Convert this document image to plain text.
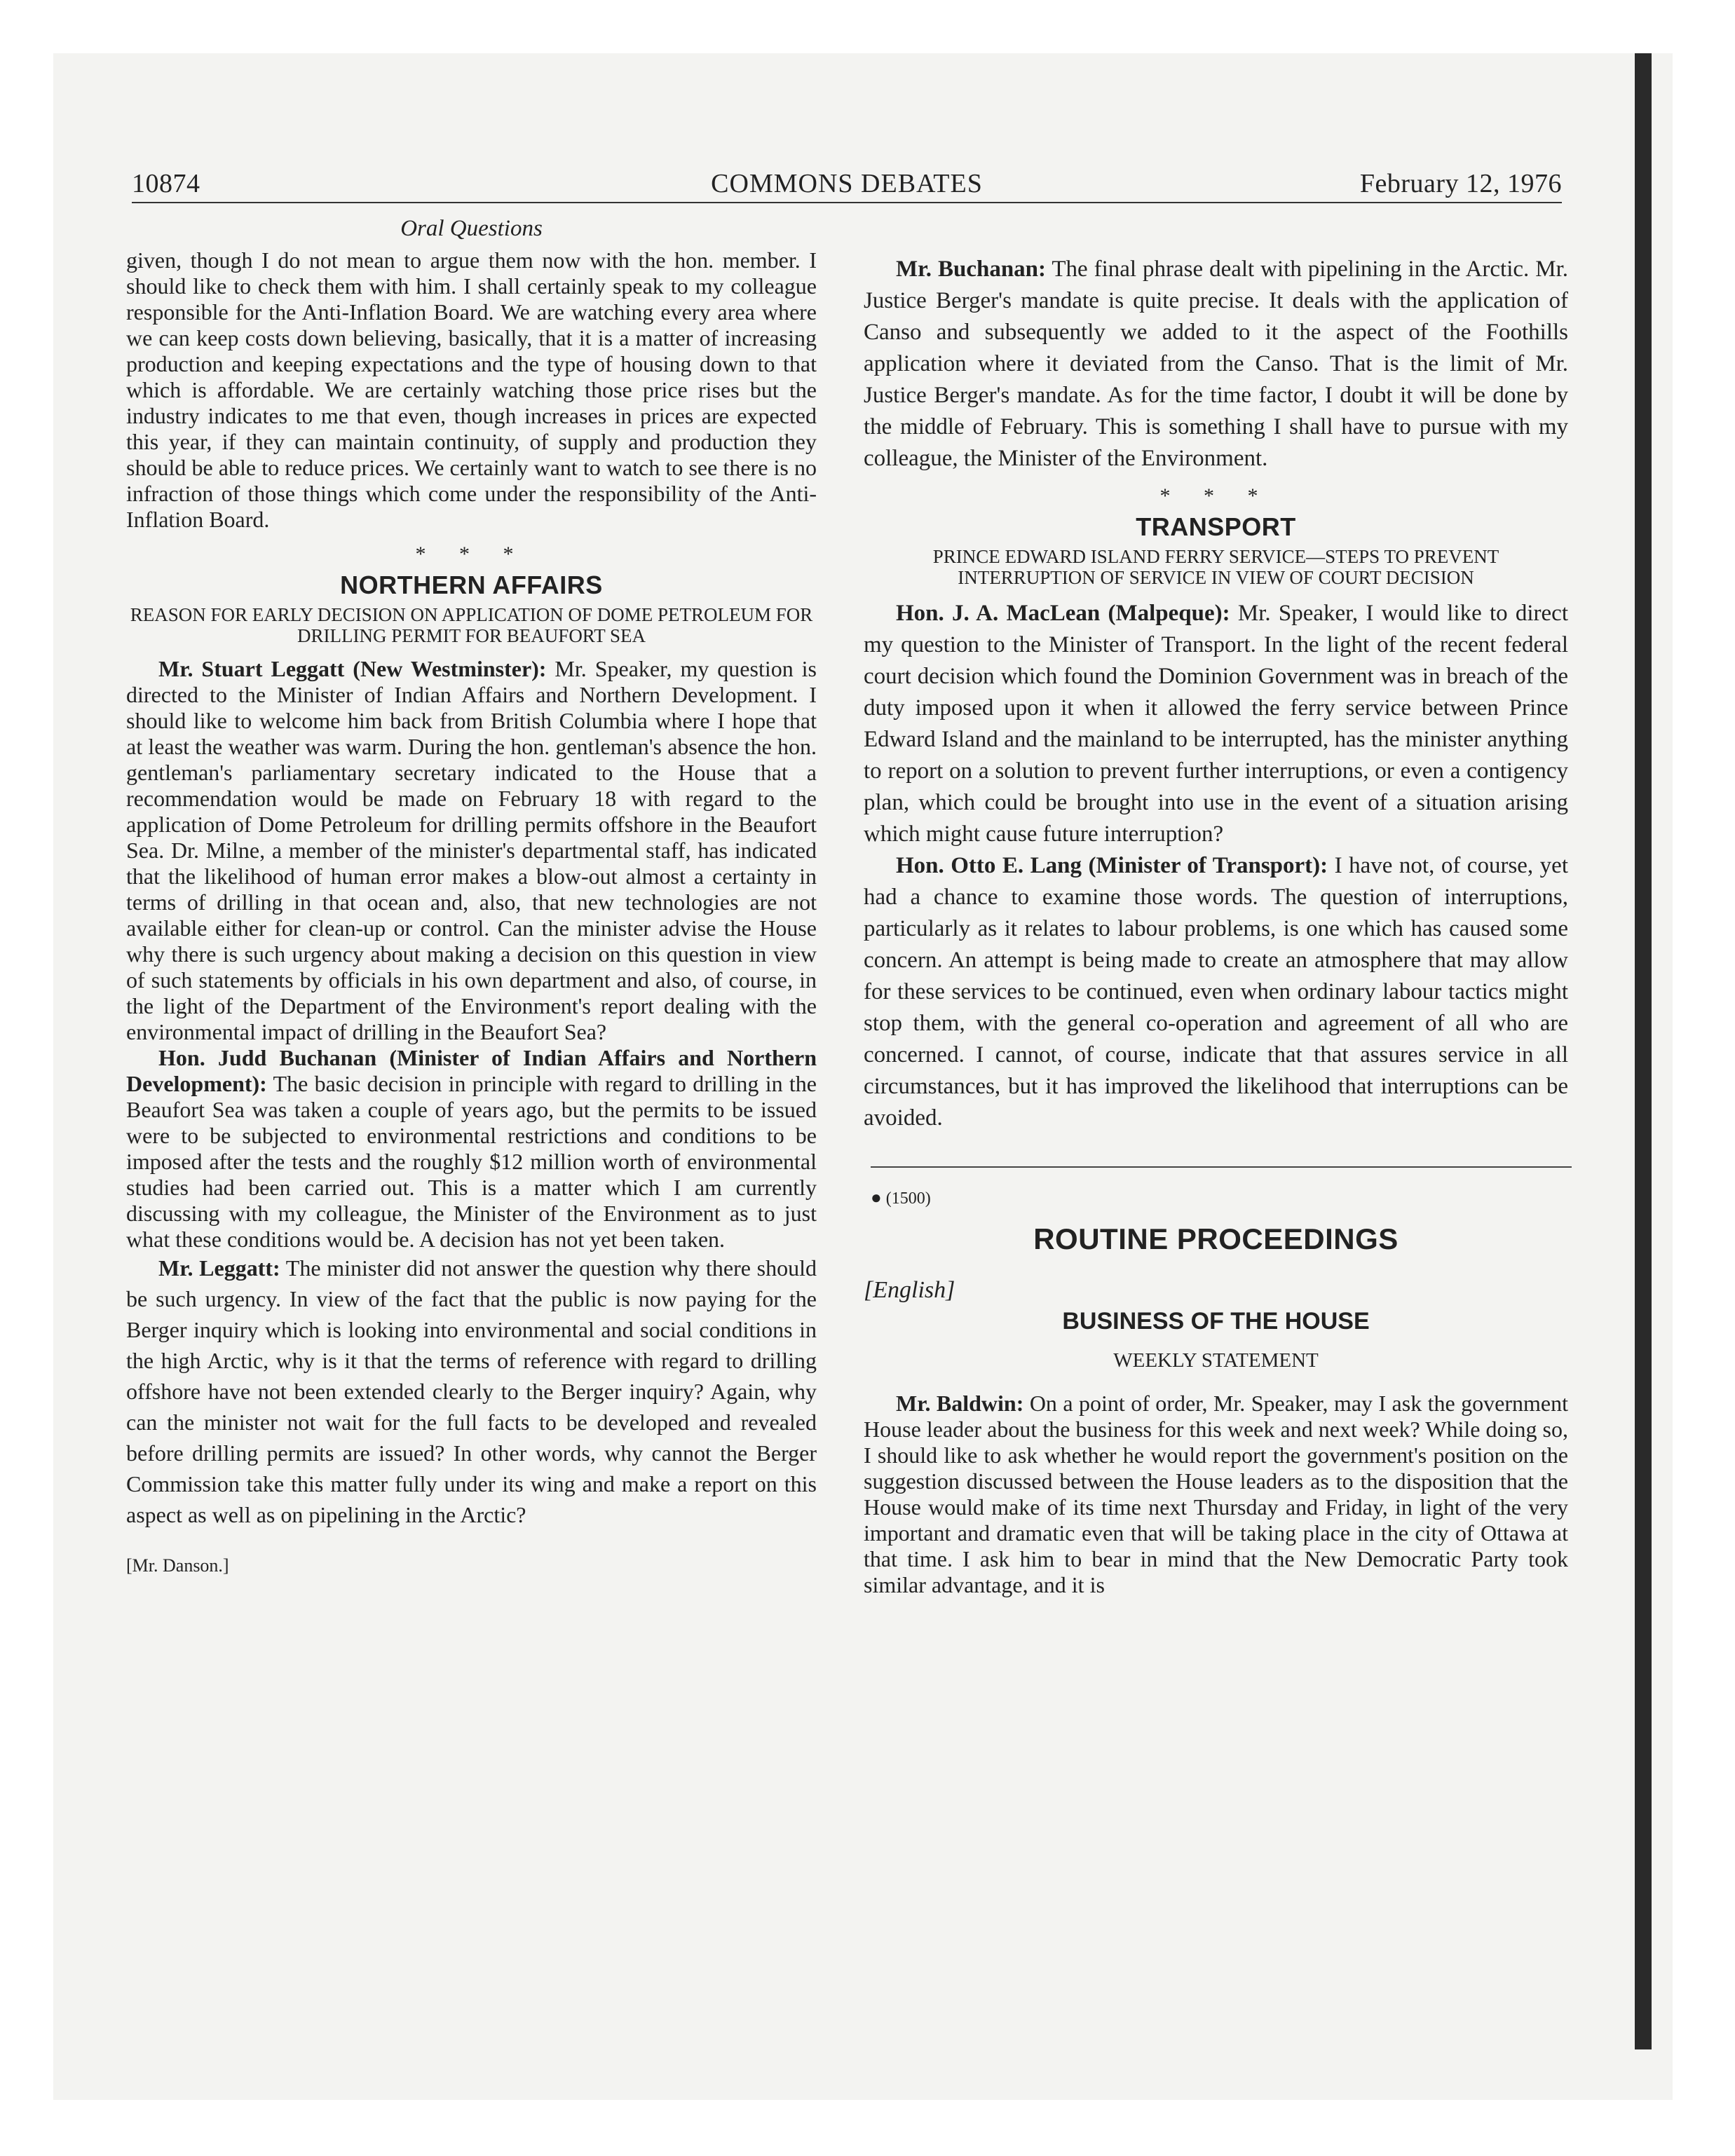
10874	COMMONS DEBATES	February 12, 1976
Oral Questions

given, though I do not mean to argue them now with the hon. member. I should like to check them with him. I shall certainly speak to my colleague responsible for the Anti-Inflation Board. We are watching every area where we can keep costs down believing, basically, that it is a matter of increasing production and keeping expectations and the type of housing down to that which is affordable. We are certainly watching those price rises but the industry indicates to me that even, though increases in prices are expected this year, if they can maintain continuity, of supply and production they should be able to reduce prices. We certainly want to watch to see there is no infraction of those things which come under the responsibility of the Anti-Inflation Board.

* * *
NORTHERN AFFAIRS
REASON FOR EARLY DECISION ON APPLICATION OF DOME PETROLEUM FOR DRILLING PERMIT FOR BEAUFORT SEA

Mr. Stuart Leggatt (New Westminster): Mr. Speaker, my question is directed to the Minister of Indian Affairs and Northern Development. I should like to welcome him back from British Columbia where I hope that at least the weather was warm. During the hon. gentleman's absence the hon. gentleman's parliamentary secretary indicated to the House that a recommendation would be made on February 18 with regard to the application of Dome Petroleum for drilling permits offshore in the Beaufort Sea. Dr. Milne, a member of the minister's departmental staff, has indicated that the likelihood of human error makes a blow-out almost a certainty in terms of drilling in that ocean and, also, that new technologies are not available either for clean-up or control. Can the minister advise the House why there is such urgency about making a decision on this question in view of such statements by officials in his own department and also, of course, in the light of the Department of the Environment's report dealing with the environmental impact of drilling in the Beaufort Sea?

Hon. Judd Buchanan (Minister of Indian Affairs and Northern Development): The basic decision in principle with regard to drilling in the Beaufort Sea was taken a couple of years ago, but the permits to be issued were to be subjected to environmental restrictions and conditions to be imposed after the tests and the roughly $12 million worth of environmental studies had been carried out. This is a matter which I am currently discussing with my colleague, the Minister of the Environment as to just what these conditions would be. A decision has not yet been taken.

Mr. Leggatt: The minister did not answer the question why there should be such urgency. In view of the fact that the public is now paying for the Berger inquiry which is looking into environmental and social conditions in the high Arctic, why is it that the terms of reference with regard to drilling offshore have not been extended clearly to the Berger inquiry? Again, why can the minister not wait for the full facts to be developed and revealed before drilling permits are issued? In other words, why cannot the Berger Commission take this matter fully under its wing and make a report on this aspect as well as on pipelining in the Arctic?

[Mr. Danson.]

Mr. Buchanan: The final phrase dealt with pipelining in the Arctic. Mr. Justice Berger's mandate is quite precise. It deals with the application of Canso and subsequently we added to it the aspect of the Foothills application where it deviated from the Canso. That is the limit of Mr. Justice Berger's mandate. As for the time factor, I doubt it will be done by the middle of February. This is something I shall have to pursue with my colleague, the Minister of the Environment.

* * *
TRANSPORT
PRINCE EDWARD ISLAND FERRY SERVICE—STEPS TO PREVENT INTERRUPTION OF SERVICE IN VIEW OF COURT DECISION

Hon. J. A. MacLean (Malpeque): Mr. Speaker, I would like to direct my question to the Minister of Transport. In the light of the recent federal court decision which found the Dominion Government was in breach of the duty imposed upon it when it allowed the ferry service between Prince Edward Island and the mainland to be interrupted, has the minister anything to report on a solution to prevent further interruptions, or even a contigency plan, which could be brought into use in the event of a situation arising which might cause future interruption?

Hon. Otto E. Lang (Minister of Transport): I have not, of course, yet had a chance to examine those words. The question of interruptions, particularly as it relates to labour problems, is one which has caused some concern. An attempt is being made to create an atmosphere that may allow for these services to be continued, even when ordinary labour tactics might stop them, with the general co-operation and agreement of all who are concerned. I cannot, of course, indicate that that assures service in all circumstances, but it has improved the likelihood that interruptions can be avoided.

● (1500)
ROUTINE PROCEEDINGS
[English]
BUSINESS OF THE HOUSE
WEEKLY STATEMENT

Mr. Baldwin: On a point of order, Mr. Speaker, may I ask the government House leader about the business for this week and next week? While doing so, I should like to ask whether he would report the government's position on the suggestion discussed between the House leaders as to the disposition that the House would make of its time next Thursday and Friday, in light of the very important and dramatic even that will be taking place in the city of Ottawa at that time. I ask him to bear in mind that the New Democratic Party took similar advantage, and it is
